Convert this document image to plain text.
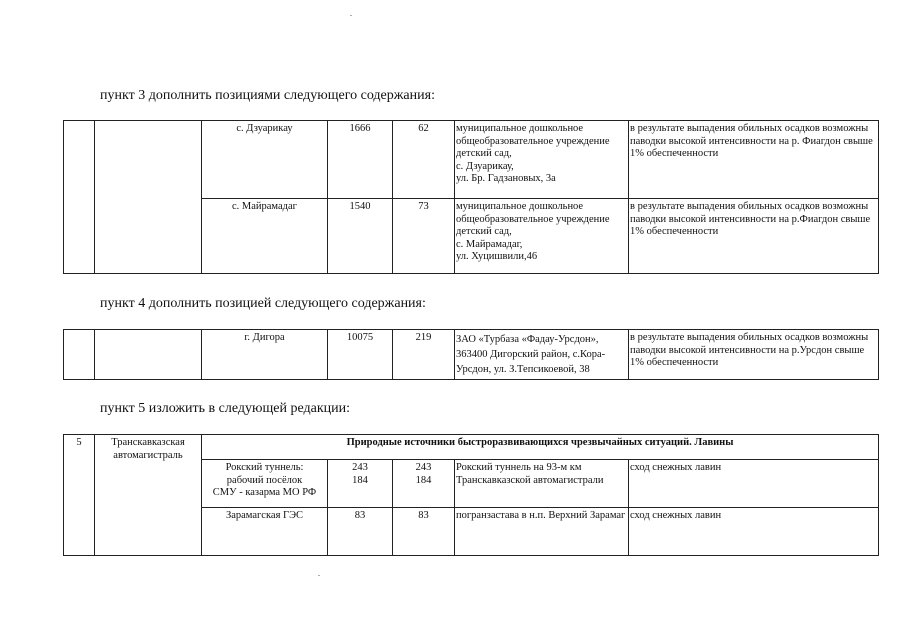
пункт 3 дополнить позициями следующего содержания:
		с. Дзуарикау	1666	62	муниципальное дошкольное общеобразовательное учреждение детский сад,
с. Дзуарикау,
ул. Бр. Гадзановых, 3а	в результате выпадения обильных осадков возможны паводки высокой интенсивности на р. Фиагдон свыше 1% обеспеченности
		с. Майрамадаг	1540	73	муниципальное дошкольное общеобразовательное учреждение детский сад,
с. Майрамадаг,
ул. Хуцишвили,46	в результате выпадения обильных осадков возможны паводки высокой интенсивности на р.Фиагдон свыше 1% обеспеченности
пункт 4 дополнить позицией следующего содержания:
		г. Дигора	10075	219	ЗАО «Турбаза «Фадау-Урсдон», 363400 Дигорский район, с.Кора-Урсдон, ул. З.Тепсикоевой, 38	в результате выпадения обильных осадков возможны паводки высокой интенсивности на р.Урсдон свыше 1% обеспеченности
пункт 5 изложить в следующей редакции:
5	Транскавказская автомагистраль	Природные источники быстроразвивающихся чрезвычайных ситуаций. Лавины				
		Рокский туннель:
рабочий посёлок
СМУ - казарма МО РФ	243
184	243
184	Рокский туннель на 93-м км Транскавказской автомагистрали	сход снежных лавин
		Зарамагская ГЭС	83	83	погранзастава в н.п. Верхний Зарамаг	сход снежных лавин
